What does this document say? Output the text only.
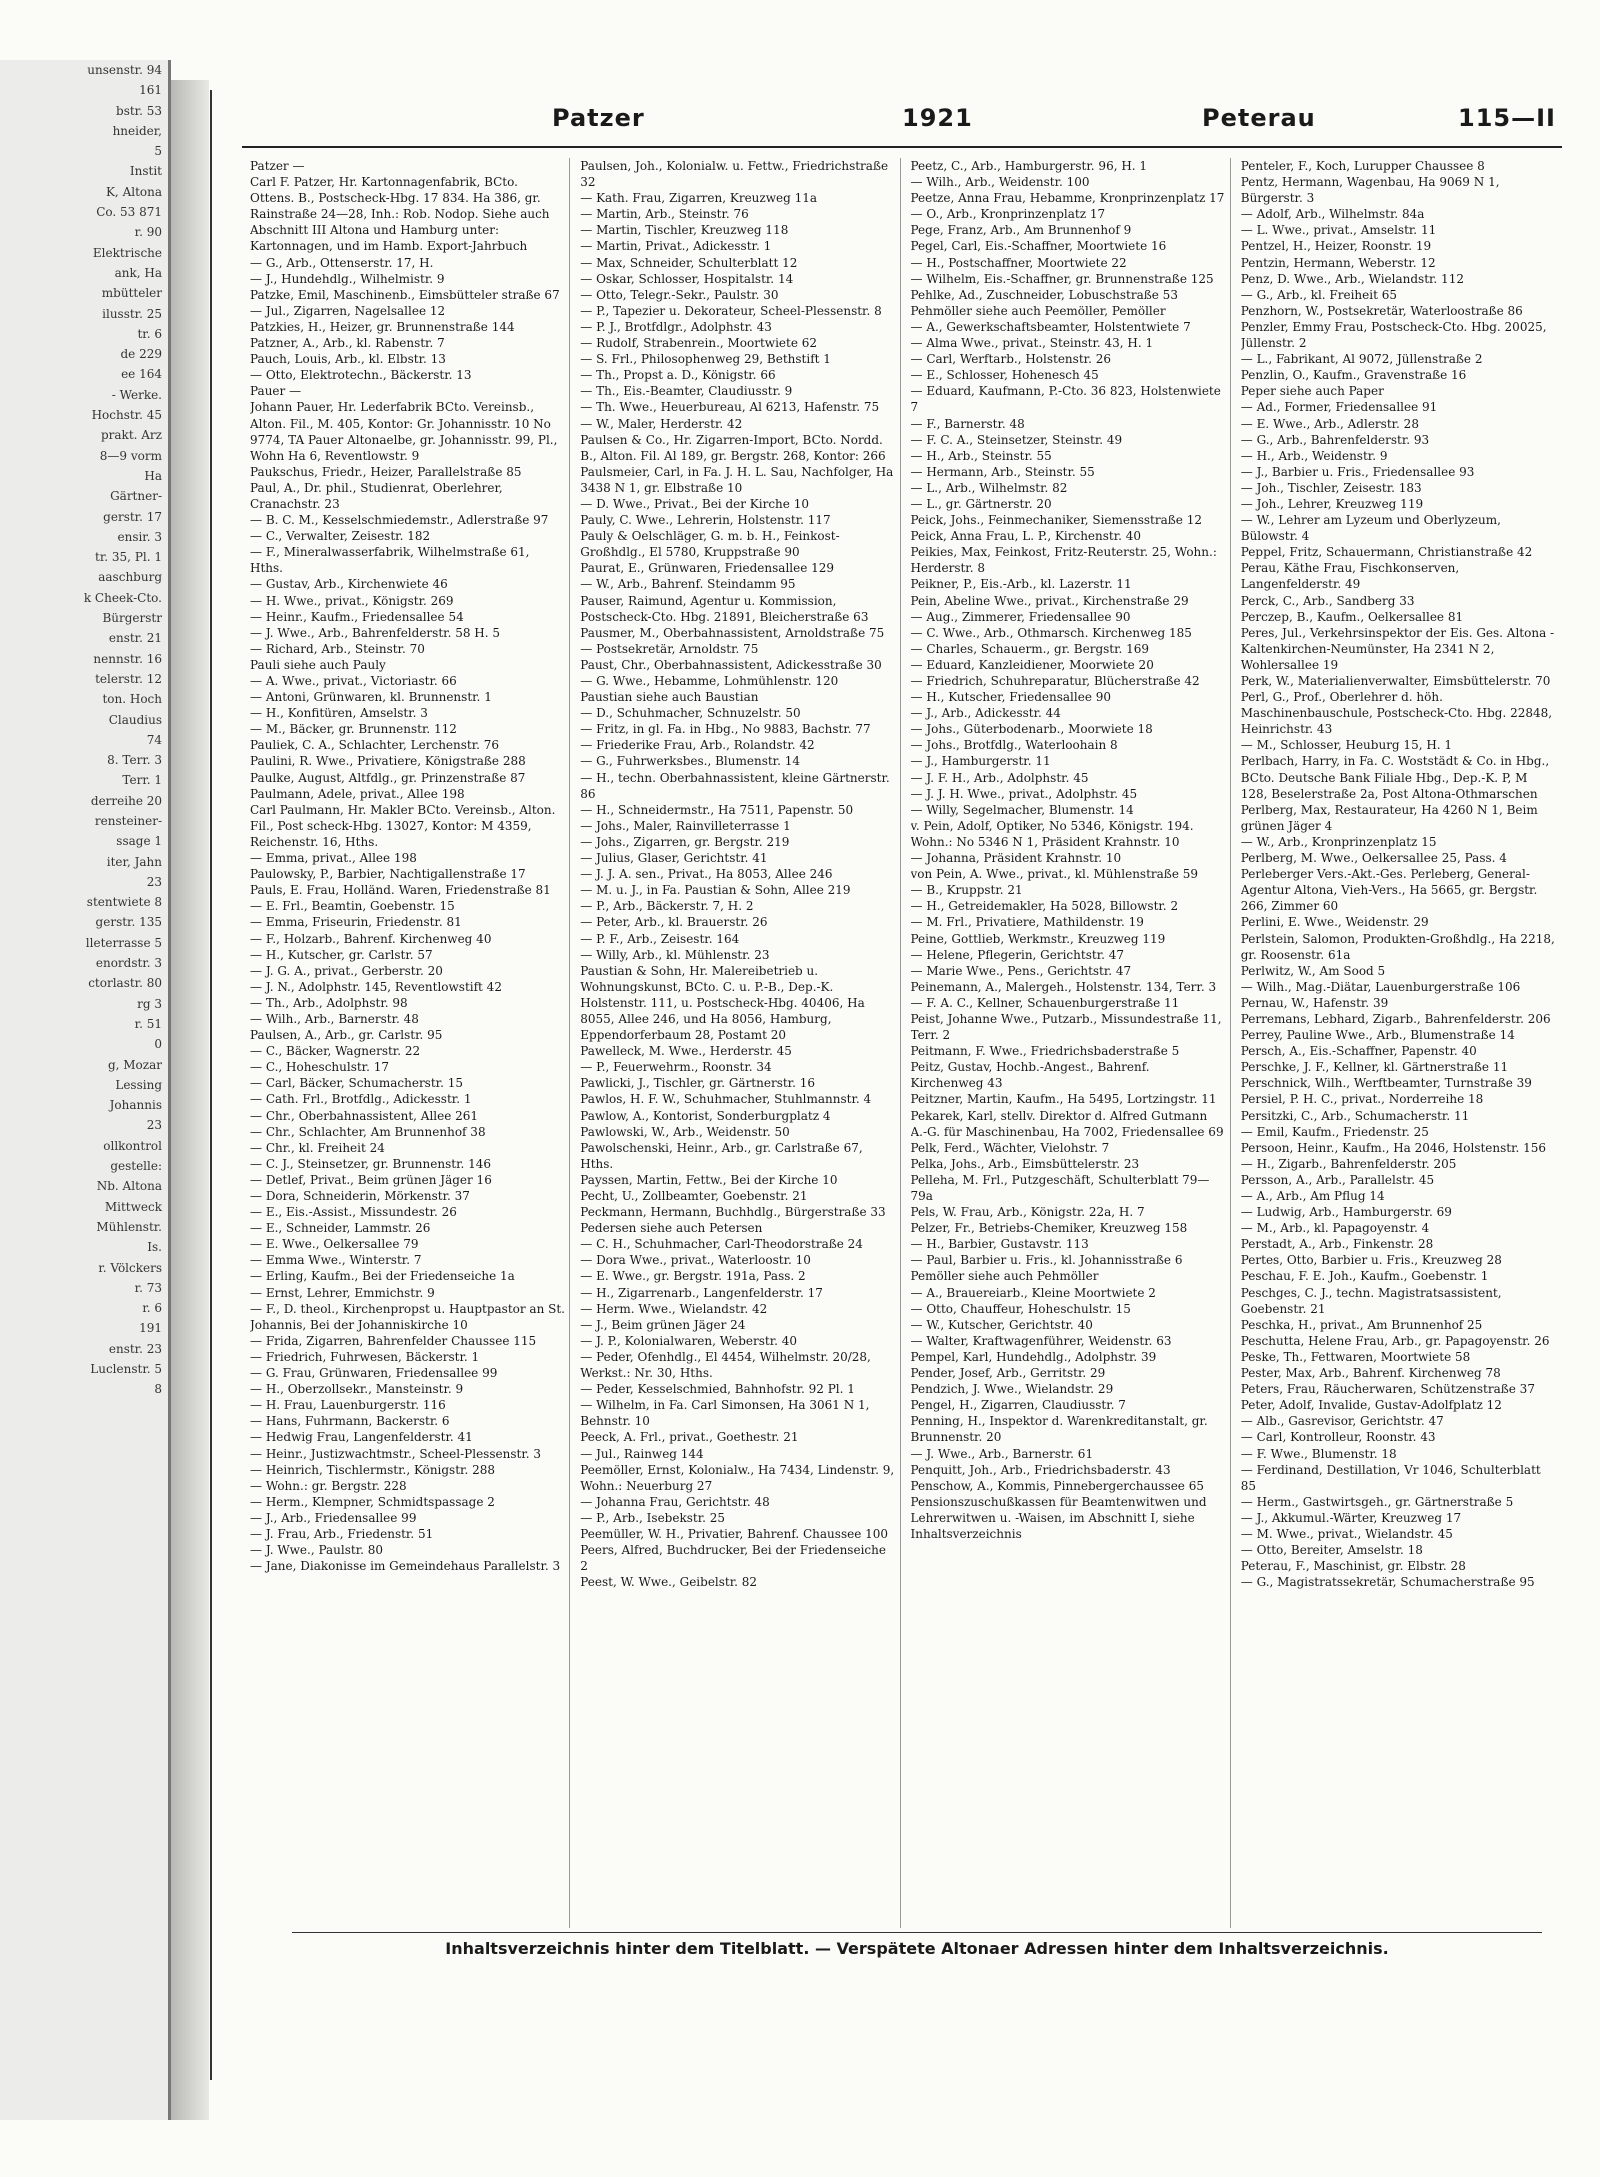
unsenstr. 94
161
bstr. 53
hneider,
5
Instit
K, Altona
Co. 53 871
r. 90
Elektrische
ank, Ha
mbütteler
ilusstr. 25
tr. 6
de 229
ee 164
- Werke.
Hochstr. 45
prakt. Arz
8—9 vorm
Ha
Gärtner-
gerstr. 17
ensir. 3
tr. 35, Pl. 1
aaschburg
k Cheek-Cto.
Bürgerstr
enstr. 21
nennstr. 16
telerstr. 12
ton. Hoch
Claudius
74
8. Terr. 3
Terr. 1
derreihe 20
rensteiner-
ssage 1
iter, Jahn
23
stentwiete 8
gerstr. 135
lleterrasse 5
enordstr. 3
ctorlastr. 80
rg 3
r. 51
0
g, Mozar
Lessing
Johannis
23
ollkontrol
gestelle:
Nb. Altona
Mittweck
Mühlenstr.
Is.
r. Völckers
r. 73
r. 6
191
enstr. 23
Luclenstr. 5
8
Patzer	1921	Peterau	115—II

Patzer —

Carl F. Patzer, Hr. Kartonnagenfabrik, BCto. Ottens. B., Postscheck-Hbg. 17 834. Ha 386, gr. Rainstraße 24—28, Inh.: Rob. Nodop. Siehe auch Abschnitt III Altona und Hamburg unter: Kartonnagen, und im Hamb. Export-Jahrbuch

— G., Arb., Ottenserstr. 17, H.

— J., Hundehdlg., Wilhelmistr. 9

Patzke, Emil, Maschinenb., Eimsbütteler straße 67

— Jul., Zigarren, Nagelsallee 12

Patzkies, H., Heizer, gr. Brunnenstraße 144

Patzner, A., Arb., kl. Rabenstr. 7

Pauch, Louis, Arb., kl. Elbstr. 13

— Otto, Elektrotechn., Bäckerstr. 13

Pauer —

Johann Pauer, Hr. Lederfabrik BCto. Vereinsb., Alton. Fil., M. 405, Kontor: Gr. Johannisstr. 10 No 9774, TA Pauer Altonaelbe, gr. Johannisstr. 99, Pl., Wohn Ha 6, Reventlowstr. 9

Paukschus, Friedr., Heizer, Parallelstraße 85

Paul, A., Dr. phil., Studienrat, Oberlehrer, Cranachstr. 23

— B. C. M., Kesselschmiedemstr., Adlerstraße 97

— C., Verwalter, Zeisestr. 182

— F., Mineralwasserfabrik, Wilhelmstraße 61, Hths.

— Gustav, Arb., Kirchenwiete 46

— H. Wwe., privat., Königstr. 269

— Heinr., Kaufm., Friedensallee 54

— J. Wwe., Arb., Bahrenfelderstr. 58 H. 5

— Richard, Arb., Steinstr. 70

Pauli siehe auch Pauly

— A. Wwe., privat., Victoriastr. 66

— Antoni, Grünwaren, kl. Brunnenstr. 1

— H., Konfitüren, Amselstr. 3

— M., Bäcker, gr. Brunnenstr. 112

Pauliek, C. A., Schlachter, Lerchenstr. 76

Paulini, R. Wwe., Privatiere, Königstraße 288

Paulke, August, Altfdlg., gr. Prinzenstraße 87

Paulmann, Adele, privat., Allee 198

Carl Paulmann, Hr. Makler BCto. Vereinsb., Alton. Fil., Post scheck-Hbg. 13027, Kontor: M 4359, Reichenstr. 16, Hths.

— Emma, privat., Allee 198

Paulowsky, P., Barbier, Nachtigallenstraße 17

Pauls, E. Frau, Holländ. Waren, Friedenstraße 81

— E. Frl., Beamtin, Goebenstr. 15

— Emma, Friseurin, Friedenstr. 81

— F., Holzarb., Bahrenf. Kirchenweg 40

— H., Kutscher, gr. Carlstr. 57

— J. G. A., privat., Gerberstr. 20

— J. N., Adolphstr. 145, Reventlowstift 42

— Th., Arb., Adolphstr. 98

— Wilh., Arb., Barnerstr. 48

Paulsen, A., Arb., gr. Carlstr. 95

— C., Bäcker, Wagnerstr. 22

— C., Hoheschulstr. 17

— Carl, Bäcker, Schumacherstr. 15

— Cath. Frl., Brotfdlg., Adickesstr. 1

— Chr., Oberbahnassistent, Allee 261

— Chr., Schlachter, Am Brunnenhof 38

— Chr., kl. Freiheit 24

— C. J., Steinsetzer, gr. Brunnenstr. 146

— Detlef, Privat., Beim grünen Jäger 16

— Dora, Schneiderin, Mörkenstr. 37

— E., Eis.-Assist., Missundestr. 26

— E., Schneider, Lammstr. 26

— E. Wwe., Oelkersallee 79

— Emma Wwe., Winterstr. 7

— Erling, Kaufm., Bei der Friedenseiche 1a

— Ernst, Lehrer, Emmichstr. 9

— F., D. theol., Kirchenpropst u. Hauptpastor an St. Johannis, Bei der Johanniskirche 10

— Frida, Zigarren, Bahrenfelder Chaussee 115

— Friedrich, Fuhrwesen, Bäckerstr. 1

— G. Frau, Grünwaren, Friedensallee 99

— H., Oberzollsekr., Mansteinstr. 9

— H. Frau, Lauenburgerstr. 116

— Hans, Fuhrmann, Backerstr. 6

— Hedwig Frau, Langenfelderstr. 41

— Heinr., Justizwachtmstr., Scheel-Plessenstr. 3

— Heinrich, Tischlermstr., Königstr. 288

— Wohn.: gr. Bergstr. 228

— Herm., Klempner, Schmidtspassage 2

— J., Arb., Friedensallee 99

— J. Frau, Arb., Friedenstr. 51

— J. Wwe., Paulstr. 80

— Jane, Diakonisse im Gemeindehaus Parallelstr. 3

Paulsen, Joh., Kolonialw. u. Fettw., Friedrichstraße 32

— Kath. Frau, Zigarren, Kreuzweg 11a

— Martin, Arb., Steinstr. 76

— Martin, Tischler, Kreuzweg 118

— Martin, Privat., Adickesstr. 1

— Max, Schneider, Schulterblatt 12

— Oskar, Schlosser, Hospitalstr. 14

— Otto, Telegr.-Sekr., Paulstr. 30

— P., Tapezier u. Dekorateur, Scheel-Plessenstr. 8

— P. J., Brotfdlgr., Adolphstr. 43

— Rudolf, Strabenrein., Moortwiete 62

— S. Frl., Philosophenweg 29, Bethstift 1

— Th., Propst a. D., Königstr. 66

— Th., Eis.-Beamter, Claudiusstr. 9

— Th. Wwe., Heuerbureau, Al 6213, Hafenstr. 75

— W., Maler, Herderstr. 42

Paulsen & Co., Hr. Zigarren-Import, BCto. Nordd. B., Alton. Fil. Al 189, gr. Bergstr. 268, Kontor: 266

Paulsmeier, Carl, in Fa. J. H. L. Sau, Nachfolger, Ha 3438 N 1, gr. Elbstraße 10

— D. Wwe., Privat., Bei der Kirche 10

Pauly, C. Wwe., Lehrerin, Holstenstr. 117

Pauly & Oelschläger, G. m. b. H., Feinkost-Großhdlg., El 5780, Kruppstraße 90

Paurat, E., Grünwaren, Friedensallee 129

— W., Arb., Bahrenf. Steindamm 95

Pauser, Raimund, Agentur u. Kommission, Postscheck-Cto. Hbg. 21891, Bleicherstraße 63

Pausmer, M., Oberbahnassistent, Arnoldstraße 75

— Postsekretär, Arnoldstr. 75

Paust, Chr., Oberbahnassistent, Adickesstraße 30

— G. Wwe., Hebamme, Lohmühlenstr. 120

Paustian siehe auch Baustian

— D., Schuhmacher, Schnuzelstr. 50

— Fritz, in gl. Fa. in Hbg., No 9883, Bachstr. 77

— Friederike Frau, Arb., Rolandstr. 42

— G., Fuhrwerksbes., Blumenstr. 14

— H., techn. Oberbahnassistent, kleine Gärtnerstr. 86

— H., Schneidermstr., Ha 7511, Papenstr. 50

— Johs., Maler, Rainvilleterrasse 1

— Johs., Zigarren, gr. Bergstr. 219

— Julius, Glaser, Gerichtstr. 41

— J. J. A. sen., Privat., Ha 8053, Allee 246

— M. u. J., in Fa. Paustian & Sohn, Allee 219

— P., Arb., Bäckerstr. 7, H. 2

— Peter, Arb., kl. Brauerstr. 26

— P. F., Arb., Zeisestr. 164

— Willy, Arb., kl. Mühlenstr. 23

Paustian & Sohn, Hr. Malereibetrieb u. Wohnungskunst, BCto. C. u. P.-B., Dep.-K. Holstenstr. 111, u. Postscheck-Hbg. 40406, Ha 8055, Allee 246, und Ha 8056, Hamburg, Eppendorferbaum 28, Postamt 20

Pawelleck, M. Wwe., Herderstr. 45

— P., Feuerwehrm., Roonstr. 34

Pawlicki, J., Tischler, gr. Gärtnerstr. 16

Pawlos, H. F. W., Schuhmacher, Stuhlmannstr. 4

Pawlow, A., Kontorist, Sonderburgplatz 4

Pawlowski, W., Arb., Weidenstr. 50

Pawolschenski, Heinr., Arb., gr. Carlstraße 67, Hths.

Payssen, Martin, Fettw., Bei der Kirche 10

Pecht, U., Zollbeamter, Goebenstr. 21

Peckmann, Hermann, Buchhdlg., Bürgerstraße 33

Pedersen siehe auch Petersen

— C. H., Schuhmacher, Carl-Theodorstraße 24

— Dora Wwe., privat., Waterloostr. 10

— E. Wwe., gr. Bergstr. 191a, Pass. 2

— H., Zigarrenarb., Langenfelderstr. 17

— Herm. Wwe., Wielandstr. 42

— J., Beim grünen Jäger 24

— J. P., Kolonialwaren, Weberstr. 40

— Peder, Ofenhdlg., El 4454, Wilhelmstr. 20/28, Werkst.: Nr. 30, Hths.

— Peder, Kesselschmied, Bahnhofstr. 92 Pl. 1

— Wilhelm, in Fa. Carl Simonsen, Ha 3061 N 1, Behnstr. 10

Peeck, A. Frl., privat., Goethestr. 21

— Jul., Rainweg 144

Peemöller, Ernst, Kolonialw., Ha 7434, Lindenstr. 9, Wohn.: Neuerburg 27

— Johanna Frau, Gerichtstr. 48

— P., Arb., Isebekstr. 25

Peemüller, W. H., Privatier, Bahrenf. Chaussee 100

Peers, Alfred, Buchdrucker, Bei der Friedenseiche 2

Peest, W. Wwe., Geibelstr. 82

Peetz, C., Arb., Hamburgerstr. 96, H. 1

— Wilh., Arb., Weidenstr. 100

Peetze, Anna Frau, Hebamme, Kronprinzenplatz 17

— O., Arb., Kronprinzenplatz 17

Pege, Franz, Arb., Am Brunnenhof 9

Pegel, Carl, Eis.-Schaffner, Moortwiete 16

— H., Postschaffner, Moortwiete 22

— Wilhelm, Eis.-Schaffner, gr. Brunnenstraße 125

Pehlke, Ad., Zuschneider, Lobuschstraße 53

Pehmöller siehe auch Peemöller, Pemöller

— A., Gewerkschaftsbeamter, Holstentwiete 7

— Alma Wwe., privat., Steinstr. 43, H. 1

— Carl, Werftarb., Holstenstr. 26

— E., Schlosser, Hohenesch 45

— Eduard, Kaufmann, P.-Cto. 36 823, Holstenwiete 7

— F., Barnerstr. 48

— F. C. A., Steinsetzer, Steinstr. 49

— H., Arb., Steinstr. 55

— Hermann, Arb., Steinstr. 55

— L., Arb., Wilhelmstr. 82

— L., gr. Gärtnerstr. 20

Peick, Johs., Feinmechaniker, Siemensstraße 12

Peick, Anna Frau, L. P., Kirchenstr. 40

Peikies, Max, Feinkost, Fritz-Reuterstr. 25, Wohn.: Herderstr. 8

Peikner, P., Eis.-Arb., kl. Lazerstr. 11

Pein, Abeline Wwe., privat., Kirchenstraße 29

— Aug., Zimmerer, Friedensallee 90

— C. Wwe., Arb., Othmarsch. Kirchenweg 185

— Charles, Schauerm., gr. Bergstr. 169

— Eduard, Kanzleidiener, Moorwiete 20

— Friedrich, Schuhreparatur, Blücherstraße 42

— H., Kutscher, Friedensallee 90

— J., Arb., Adickesstr. 44

— Johs., Güterbodenarb., Moorwiete 18

— Johs., Brotfdlg., Waterloohain 8

— J., Hamburgerstr. 11

— J. F. H., Arb., Adolphstr. 45

— J. J. H. Wwe., privat., Adolphstr. 45

— Willy, Segelmacher, Blumenstr. 14

v. Pein, Adolf, Optiker, No 5346, Königstr. 194. Wohn.: No 5346 N 1, Präsident Krahnstr. 10

— Johanna, Präsident Krahnstr. 10

von Pein, A. Wwe., privat., kl. Mühlenstraße 59

— B., Kruppstr. 21

— H., Getreidemakler, Ha 5028, Billowstr. 2

— M. Frl., Privatiere, Mathildenstr. 19

Peine, Gottlieb, Werkmstr., Kreuzweg 119

— Helene, Pflegerin, Gerichtstr. 47

— Marie Wwe., Pens., Gerichtstr. 47

Peinemann, A., Malergeh., Holstenstr. 134, Terr. 3

— F. A. C., Kellner, Schauenburgerstraße 11

Peist, Johanne Wwe., Putzarb., Missundestraße 11, Terr. 2

Peitmann, F. Wwe., Friedrichsbaderstraße 5

Peitz, Gustav, Hochb.-Angest., Bahrenf. Kirchenweg 43

Peitzner, Martin, Kaufm., Ha 5495, Lortzingstr. 11

Pekarek, Karl, stellv. Direktor d. Alfred Gutmann A.-G. für Maschinenbau, Ha 7002, Friedensallee 69

Pelk, Ferd., Wächter, Vielohstr. 7

Pelka, Johs., Arb., Eimsbüttelerstr. 23

Pelleha, M. Frl., Putzgeschäft, Schulterblatt 79—79a

Pels, W. Frau, Arb., Königstr. 22a, H. 7

Pelzer, Fr., Betriebs-Chemiker, Kreuzweg 158

— H., Barbier, Gustavstr. 113

— Paul, Barbier u. Fris., kl. Johannisstraße 6

Pemöller siehe auch Pehmöller

— A., Brauereiarb., Kleine Moortwiete 2

— Otto, Chauffeur, Hoheschulstr. 15

— W., Kutscher, Gerichtstr. 40

— Walter, Kraftwagenführer, Weidenstr. 63

Pempel, Karl, Hundehdlg., Adolphstr. 39

Pender, Josef, Arb., Gerritstr. 29

Pendzich, J. Wwe., Wielandstr. 29

Pengel, H., Zigarren, Claudiusstr. 7

Penning, H., Inspektor d. Warenkreditanstalt, gr. Brunnenstr. 20

— J. Wwe., Arb., Barnerstr. 61

Penquitt, Joh., Arb., Friedrichsbaderstr. 43

Penschow, A., Kommis, Pinnebergerchaussee 65

Pensionszuschußkassen für Beamtenwitwen und Lehrerwitwen u. -Waisen, im Abschnitt I, siehe Inhaltsverzeichnis

Penteler, F., Koch, Lurupper Chaussee 8

Pentz, Hermann, Wagenbau, Ha 9069 N 1, Bürgerstr. 3

— Adolf, Arb., Wilhelmstr. 84a

— L. Wwe., privat., Amselstr. 11

Pentzel, H., Heizer, Roonstr. 19

Pentzin, Hermann, Weberstr. 12

Penz, D. Wwe., Arb., Wielandstr. 112

— G., Arb., kl. Freiheit 65

Penzhorn, W., Postsekretär, Waterloostraße 86

Penzler, Emmy Frau, Postscheck-Cto. Hbg. 20025, Jüllenstr. 2

— L., Fabrikant, Al 9072, Jüllenstraße 2

Penzlin, O., Kaufm., Gravenstraße 16

Peper siehe auch Paper

— Ad., Former, Friedensallee 91

— E. Wwe., Arb., Adlerstr. 28

— G., Arb., Bahrenfelderstr. 93

— H., Arb., Weidenstr. 9

— J., Barbier u. Fris., Friedensallee 93

— Joh., Tischler, Zeisestr. 183

— Joh., Lehrer, Kreuzweg 119

— W., Lehrer am Lyzeum und Oberlyzeum, Bülowstr. 4

Peppel, Fritz, Schauermann, Christianstraße 42

Perau, Käthe Frau, Fischkonserven, Langenfelderstr. 49

Perck, C., Arb., Sandberg 33

Perczep, B., Kaufm., Oelkersallee 81

Peres, Jul., Verkehrsinspektor der Eis. Ges. Altona - Kaltenkirchen-Neumünster, Ha 2341 N 2, Wohlersallee 19

Perk, W., Materialienverwalter, Eimsbüttelerstr. 70

Perl, G., Prof., Oberlehrer d. höh. Maschinenbauschule, Postscheck-Cto. Hbg. 22848, Heinrichstr. 43

— M., Schlosser, Heuburg 15, H. 1

Perlbach, Harry, in Fa. C. Woststädt & Co. in Hbg., BCto. Deutsche Bank Filiale Hbg., Dep.-K. P, M 128, Beselerstraße 2a, Post Altona-Othmarschen

Perlberg, Max, Restaurateur, Ha 4260 N 1, Beim grünen Jäger 4

— W., Arb., Kronprinzenplatz 15

Perlberg, M. Wwe., Oelkersallee 25, Pass. 4

Perleberger Vers.-Akt.-Ges. Perleberg, General-Agentur Altona, Vieh-Vers., Ha 5665, gr. Bergstr. 266, Zimmer 60

Perlini, E. Wwe., Weidenstr. 29

Perlstein, Salomon, Produkten-Großhdlg., Ha 2218, gr. Roosenstr. 61a

Perlwitz, W., Am Sood 5

— Wilh., Mag.-Diätar, Lauenburgerstraße 106

Pernau, W., Hafenstr. 39

Perremans, Lebhard, Zigarb., Bahrenfelderstr. 206

Perrey, Pauline Wwe., Arb., Blumenstraße 14

Persch, A., Eis.-Schaffner, Papenstr. 40

Perschke, J. F., Kellner, kl. Gärtnerstraße 11

Perschnick, Wilh., Werftbeamter, Turnstraße 39

Persiel, P. H. C., privat., Norderreihe 18

Persitzki, C., Arb., Schumacherstr. 11

— Emil, Kaufm., Friedenstr. 25

Persoon, Heinr., Kaufm., Ha 2046, Holstenstr. 156

— H., Zigarb., Bahrenfelderstr. 205

Persson, A., Arb., Parallelstr. 45

— A., Arb., Am Pflug 14

— Ludwig, Arb., Hamburgerstr. 69

— M., Arb., kl. Papagoyenstr. 4

Perstadt, A., Arb., Finkenstr. 28

Pertes, Otto, Barbier u. Fris., Kreuzweg 28

Peschau, F. E. Joh., Kaufm., Goebenstr. 1

Peschges, C. J., techn. Magistratsassistent, Goebenstr. 21

Peschka, H., privat., Am Brunnenhof 25

Peschutta, Helene Frau, Arb., gr. Papagoyenstr. 26

Peske, Th., Fettwaren, Moortwiete 58

Pester, Max, Arb., Bahrenf. Kirchenweg 78

Peters, Frau, Räucherwaren, Schützenstraße 37

Peter, Adolf, Invalide, Gustav-Adolfplatz 12

— Alb., Gasrevisor, Gerichtstr. 47

— Carl, Kontrolleur, Roonstr. 43

— F. Wwe., Blumenstr. 18

— Ferdinand, Destillation, Vr 1046, Schulterblatt 85

— Herm., Gastwirtsgeh., gr. Gärtnerstraße 5

— J., Akkumul.-Wärter, Kreuzweg 17

— M. Wwe., privat., Wielandstr. 45

— Otto, Bereiter, Amselstr. 18

Peterau, F., Maschinist, gr. Elbstr. 28

— G., Magistratssekretär, Schumacherstraße 95

Inhaltsverzeichnis hinter dem Titelblatt. — Verspätete Altonaer Adressen hinter dem Inhaltsverzeichnis.
